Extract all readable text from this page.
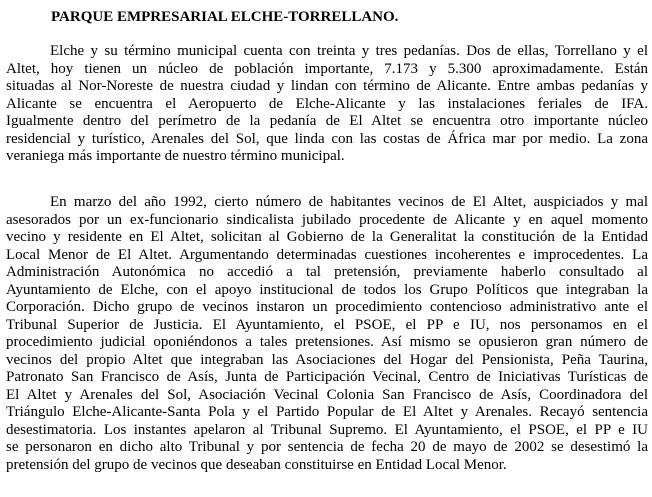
PARQUE EMPRESARIAL ELCHE-TORRELLANO.
Elche y su término municipal cuenta con treinta y tres pedanías. Dos de ellas, Torrellano y el
Altet, hoy tienen un núcleo de población importante, 7.173 y 5.300 aproximadamente. Están
situadas al Nor-Noreste de nuestra ciudad y lindan con término de Alicante. Entre ambas pedanías y
Alicante se encuentra el Aeropuerto de Elche-Alicante y las instalaciones feriales de IFA.
Igualmente dentro del perímetro de la pedanía de El Altet se encuentra otro importante núcleo
residencial y turístico, Arenales del Sol, que linda con las costas de África mar por medio. La zona
veraniega más importante de nuestro término municipal.
En marzo del año 1992, cierto número de habitantes vecinos de El Altet, auspiciados y mal
asesorados por un ex-funcionario sindicalista jubilado procedente de Alicante y en aquel momento
vecino y residente en El Altet, solicitan al Gobierno de la Generalitat la constitución de la Entidad
Local Menor de El Altet. Argumentando determinadas cuestiones incoherentes e improcedentes. La
Administración Autonómica no accedió a tal pretensión, previamente haberlo consultado al
Ayuntamiento de Elche, con el apoyo institucional de todos los Grupo Políticos que integraban la
Corporación. Dicho grupo de vecinos instaron un procedimiento contencioso administrativo ante el
Tribunal Superior de Justicia. El Ayuntamiento, el PSOE, el PP e IU, nos personamos en el
procedimiento judicial oponiéndonos a tales pretensiones. Así mismo se opusieron gran número de
vecinos del propio Altet que integraban las Asociaciones del Hogar del Pensionista, Peña Taurina,
Patronato San Francisco de Asís, Junta de Participación Vecinal, Centro de Iniciativas Turísticas de
El Altet y Arenales del Sol, Asociación Vecinal Colonia San Francisco de Asís, Coordinadora del
Triángulo Elche-Alicante-Santa Pola y el Partido Popular de El Altet y Arenales. Recayó sentencia
desestimatoria. Los instantes apelaron al Tribunal Supremo. El Ayuntamiento, el PSOE, el PP e IU
se personaron en dicho alto Tribunal y por sentencia de fecha 20 de mayo de 2002 se desestimó la
pretensión del grupo de vecinos que deseaban constituirse en Entidad Local Menor.
